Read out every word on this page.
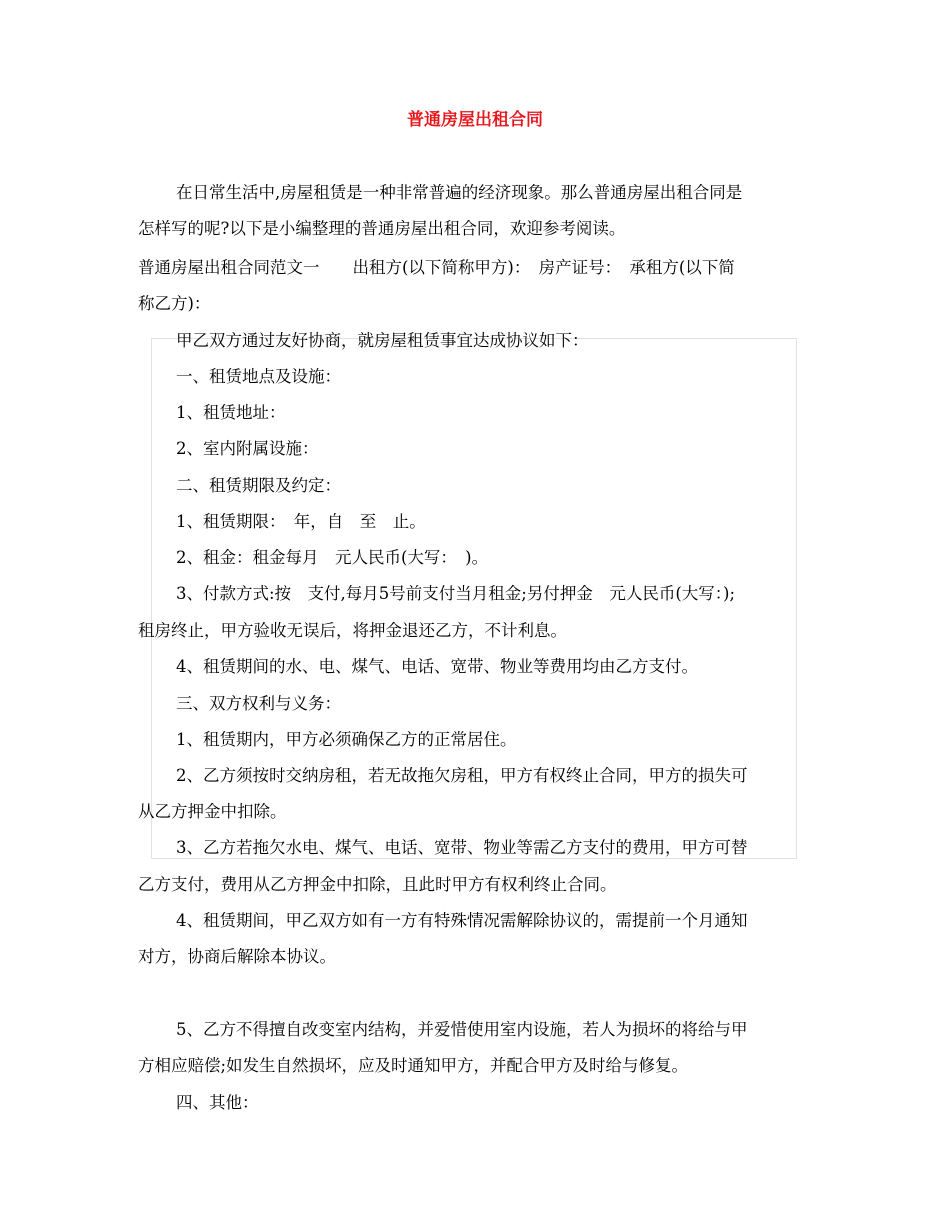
普通房屋出租合同
在日常生活中,房屋租赁是一种非常普遍的经济现象。那么普通房屋出租合同是
怎样写的呢?以下是小编整理的普通房屋出租合同，欢迎参考阅读。
普通房屋出租合同范文一　　出租方(以下简称甲方)：　房产证号：　承租方(以下简
称乙方)：
甲乙双方通过友好协商，就房屋租赁事宜达成协议如下：
一、租赁地点及设施：
1、租赁地址：
2、室内附属设施：
二、租赁期限及约定：
1、租赁期限：　年，自　至　止。
2、租金：租金每月　元人民币(大写：　)。
3、付款方式:按　支付,每月5号前支付当月租金;另付押金　元人民币(大写：);
租房终止，甲方验收无误后，将押金退还乙方，不计利息。
4、租赁期间的水、电、煤气、电话、宽带、物业等费用均由乙方支付。
三、双方权利与义务：
1、租赁期内，甲方必须确保乙方的正常居住。
2、乙方须按时交纳房租，若无故拖欠房租，甲方有权终止合同，甲方的损失可
从乙方押金中扣除。
3、乙方若拖欠水电、煤气、电话、宽带、物业等需乙方支付的费用，甲方可替
乙方支付，费用从乙方押金中扣除，且此时甲方有权利终止合同。
4、租赁期间，甲乙双方如有一方有特殊情况需解除协议的，需提前一个月通知
对方，协商后解除本协议。
5、乙方不得擅自改变室内结构，并爱惜使用室内设施，若人为损坏的将给与甲
方相应赔偿;如发生自然损坏，应及时通知甲方，并配合甲方及时给与修复。
四、其他：
